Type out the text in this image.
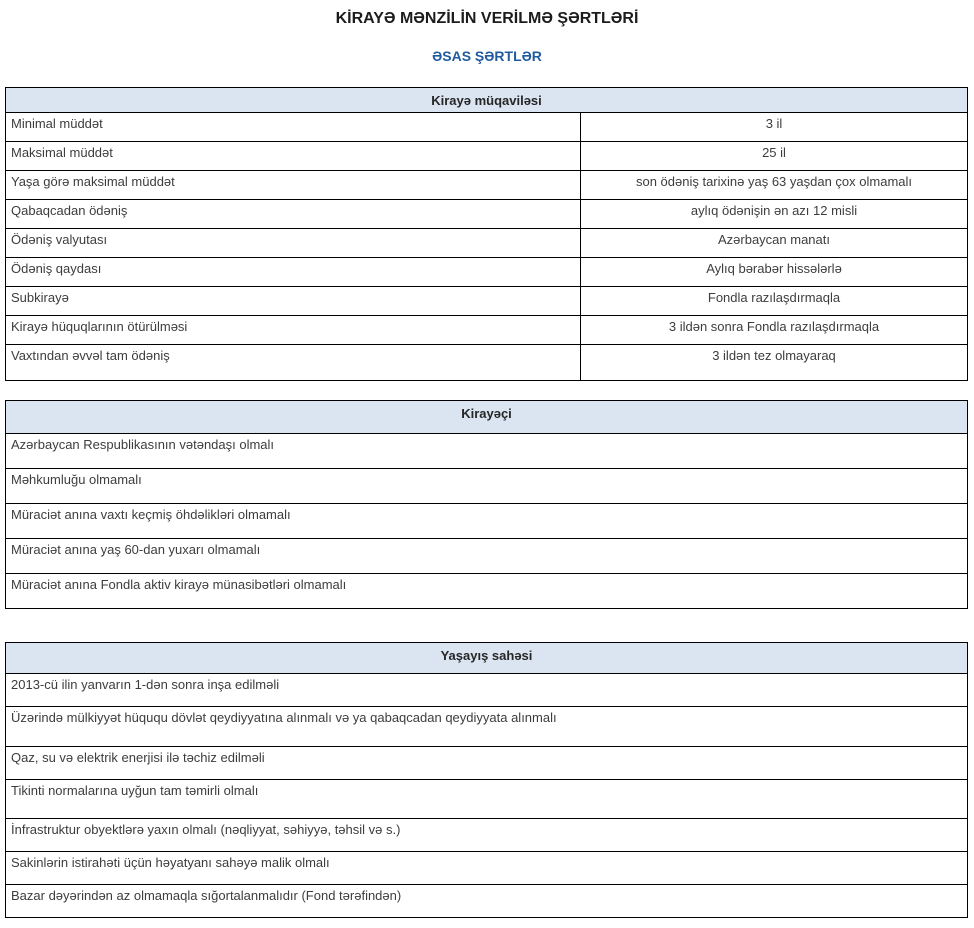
KİRAYƏ MƏNZİLİN VERİLMƏ ŞƏRTLƏRİ
ƏSAS ŞƏRTLƏR
Kirayə müqaviləsi	
Minimal müddət	3 il
Maksimal müddət	25 il
Yaşa görə maksimal müddət	son ödəniş tarixinə yaş 63 yaşdan çox olmamalı
Qabaqcadan ödəniş	aylıq ödənişin ən azı 12 misli
Ödəniş valyutası	Azərbaycan manatı
Ödəniş qaydası	Aylıq bərabər hissələrlə
Subkirayə	Fondla razılaşdırmaqla
Kirayə hüquqlarının ötürülməsi	3 ildən sonra Fondla razılaşdırmaqla
Vaxtından əvvəl tam ödəniş	3 ildən tez olmayaraq
Kirayəçi
Azərbaycan Respublikasının vətəndaşı olmalı
Məhkumluğu olmamalı
Müraciət anına vaxtı keçmiş öhdəlikləri olmamalı
Müraciət anına yaş 60-dan yuxarı olmamalı
Müraciət anına Fondla aktiv kirayə münasibətləri olmamalı
Yaşayış sahəsi
2013-cü ilin yanvarın 1-dən sonra inşa edilməli
Üzərində mülkiyyət hüququ dövlət qeydiyyatına alınmalı və ya qabaqcadan qeydiyyata alınmalı
Qaz, su və elektrik enerjisi ilə təchiz edilməli
Tikinti normalarına uyğun tam təmirli olmalı
İnfrastruktur obyektlərə yaxın olmalı (nəqliyyat, səhiyyə, təhsil və s.)
Sakinlərin istirahəti üçün həyatyanı sahəyə malik olmalı
Bazar dəyərindən az olmamaqla sığortalanmalıdır (Fond tərəfindən)
